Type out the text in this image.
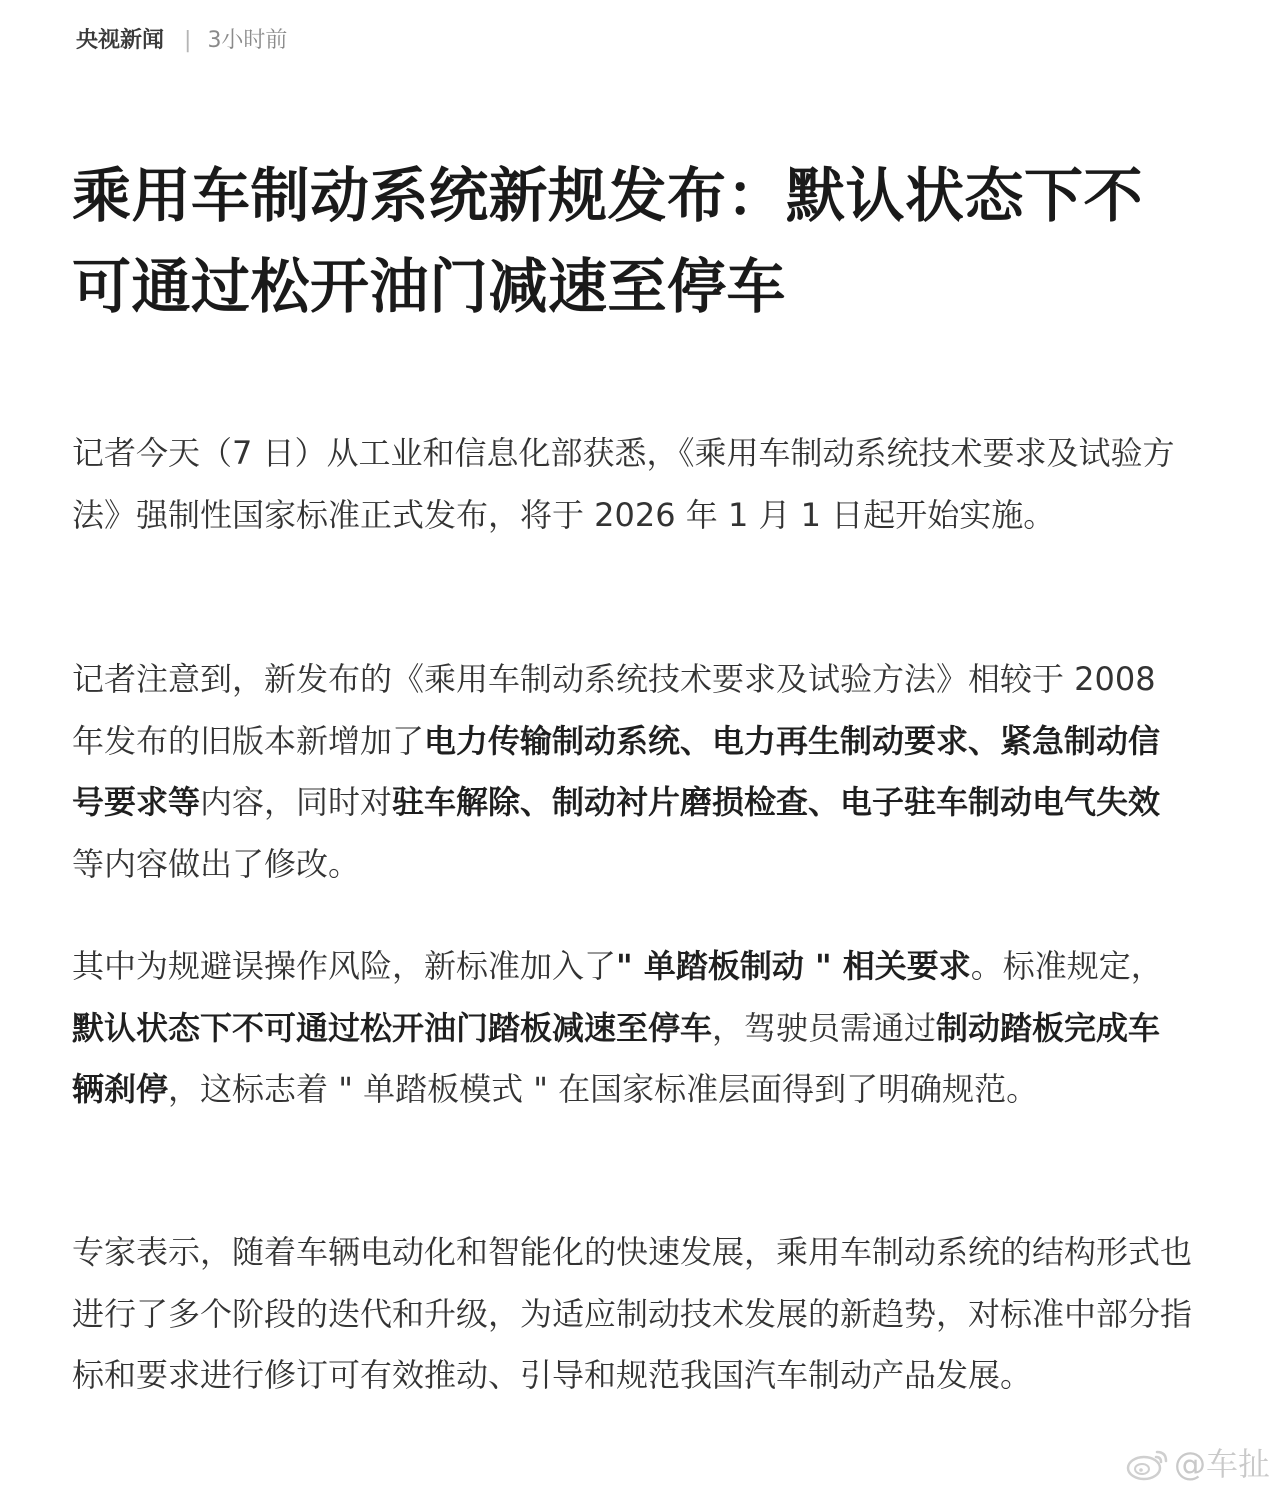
央视新闻 | 3小时前
乘用车制动系统新规发布：默认状态下不可通过松开油门减速至停车

记者今天（7 日）从工业和信息化部获悉，《乘用车制动系统技术要求及试验方法》强制性国家标准正式发布，将于 2026 年 1 月 1 日起开始实施。

记者注意到，新发布的《乘用车制动系统技术要求及试验方法》相较于 2008 年发布的旧版本新增加了电力传输制动系统、电力再生制动要求、紧急制动信号要求等内容，同时对驻车解除、制动衬片磨损检查、电子驻车制动电气失效等内容做出了修改。

其中为规避误操作风险，新标准加入了" 单踏板制动 " 相关要求。标准规定，默认状态下不可通过松开油门踏板减速至停车，驾驶员需通过制动踏板完成车辆刹停，这标志着 " 单踏板模式 " 在国家标准层面得到了明确规范。

专家表示，随着车辆电动化和智能化的快速发展，乘用车制动系统的结构形式也进行了多个阶段的迭代和升级，为适应制动技术发展的新趋势，对标准中部分指标和要求进行修订可有效推动、引导和规范我国汽车制动产品发展。

@车扯
